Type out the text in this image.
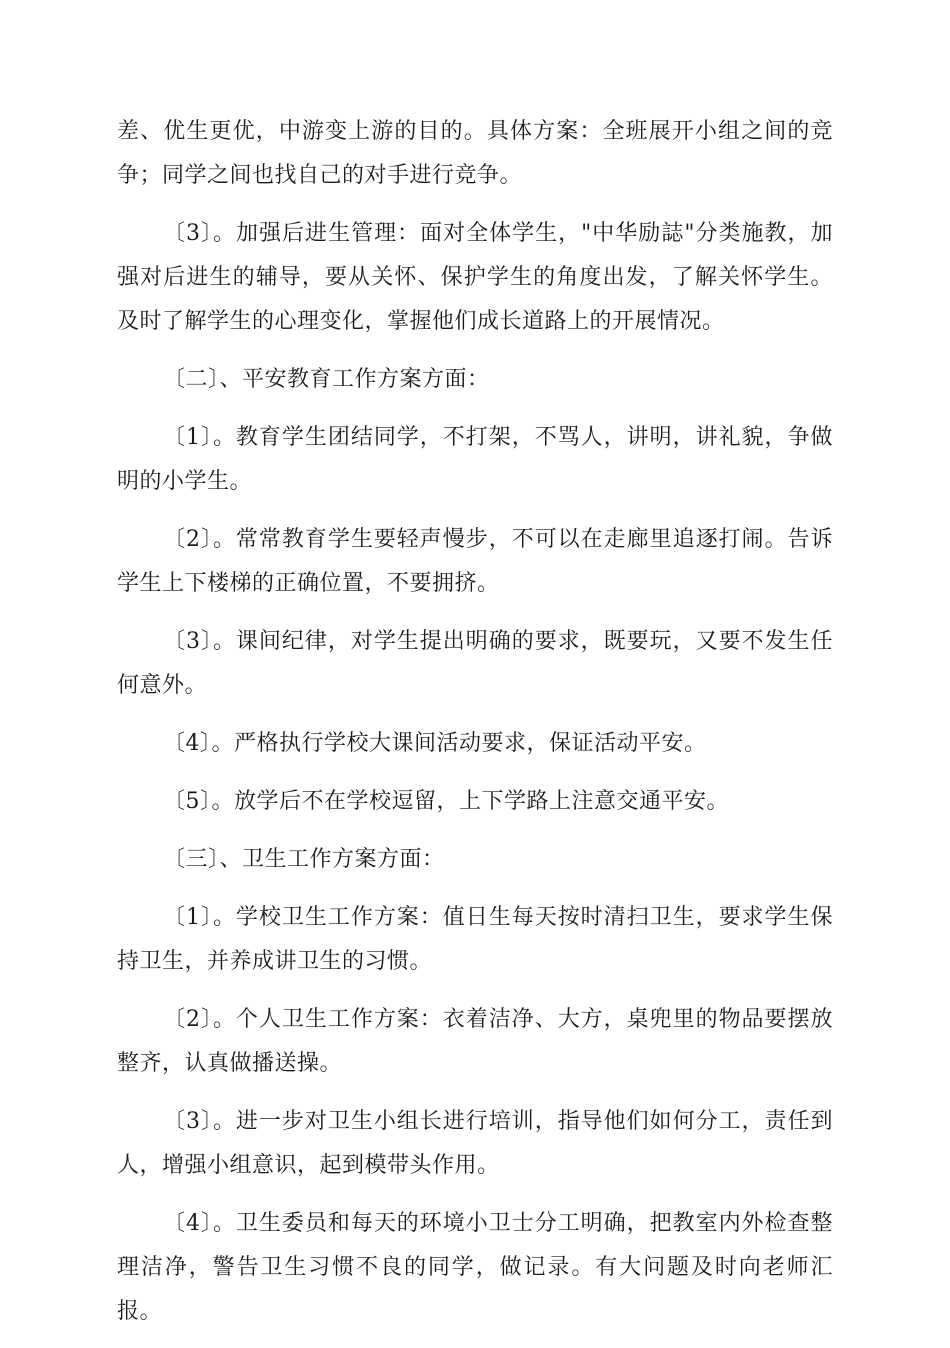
差、优生更优，中游变上游的目的。具体方案：全班展开小组之间的竞争；同学之间也找自己的对手进行竞争。

〔3〕。加强后进生管理：面对全体学生，"中华励誌"分类施教，加强对后进生的辅导，要从关怀、保护学生的角度出发，了解关怀学生。及时了解学生的心理变化，掌握他们成长道路上的开展情况。

〔二〕、平安教育工作方案方面：

〔1〕。教育学生团结同学，不打架，不骂人，讲明，讲礼貌，争做明的小学生。

〔2〕。常常教育学生要轻声慢步，不可以在走廊里追逐打闹。告诉学生上下楼梯的正确位置，不要拥挤。

〔3〕。课间纪律，对学生提出明确的要求，既要玩，又要不发生任何意外。

〔4〕。严格执行学校大课间活动要求，保证活动平安。

〔5〕。放学后不在学校逗留，上下学路上注意交通平安。

〔三〕、卫生工作方案方面：

〔1〕。学校卫生工作方案：值日生每天按时清扫卫生，要求学生保持卫生，并养成讲卫生的习惯。

〔2〕。个人卫生工作方案：衣着洁净、大方，桌兜里的物品要摆放整齐，认真做播送操。

〔3〕。进一步对卫生小组长进行培训，指导他们如何分工，责任到人，增强小组意识，起到模带头作用。

〔4〕。卫生委员和每天的环境小卫士分工明确，把教室内外检查整理洁净，警告卫生习惯不良的同学，做记录。有大问题及时向老师汇报。
